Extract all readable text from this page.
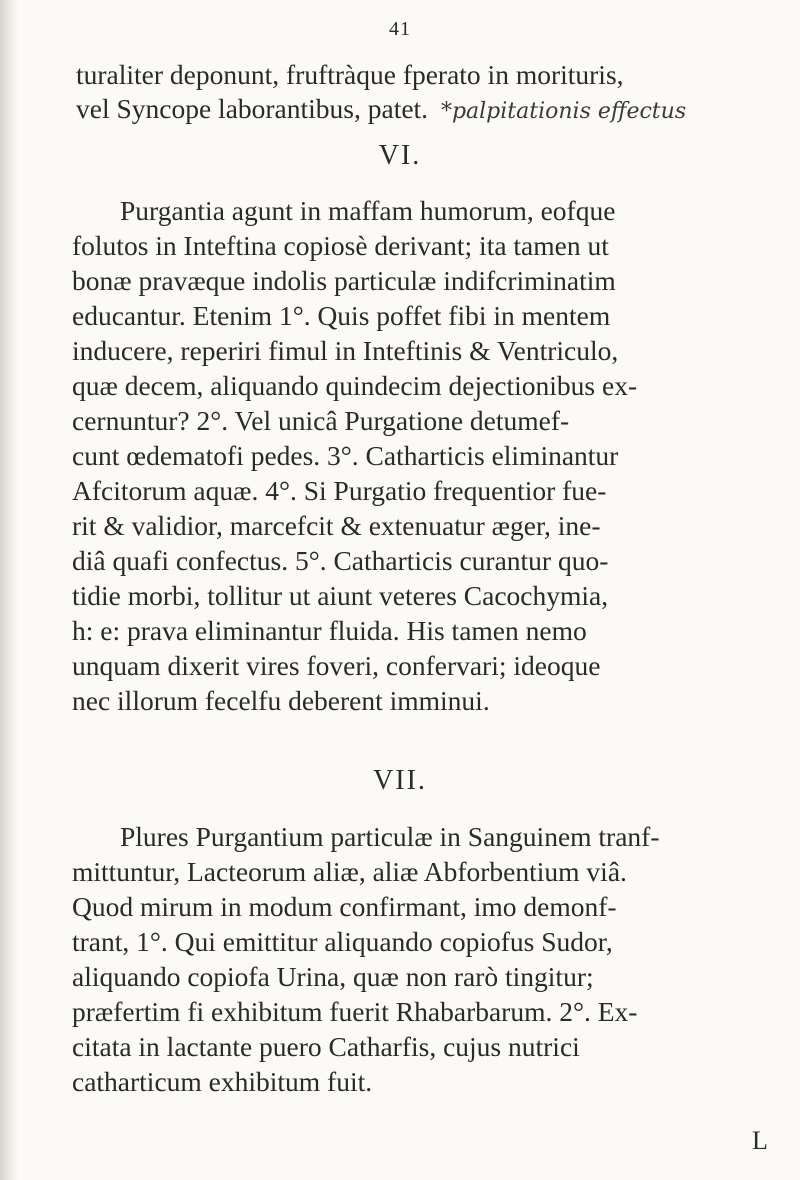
41
turaliter deponunt, fruftràque fperato in morituris,
vel Syncope laborantibus, patet. *palpitationis effectus
VI.
Purgantia agunt in maffam humorum, eofque
folutos in Inteftina copiosè derivant; ita tamen ut
bonæ pravæque indolis particulæ indifcriminatim
educantur. Etenim 1°. Quis poffet fibi in mentem
inducere, reperiri fimul in Inteftinis & Ventriculo,
quæ decem, aliquando quindecim dejectionibus ex-
cernuntur? 2°. Vel unicâ Purgatione detumef-
cunt œdematofi pedes. 3°. Catharticis eliminantur
Afcitorum aquæ. 4°. Si Purgatio frequentior fue-
rit & validior, marcefcit & extenuatur æger, ine-
diâ quafi confectus. 5°. Catharticis curantur quo-
tidie morbi, tollitur ut aiunt veteres Cacochymia,
h: e: prava eliminantur fluida. His tamen nemo
unquam dixerit vires foveri, confervari; ideoque
nec illorum fecelfu deberent imminui.
VII.
Plures Purgantium particulæ in Sanguinem tranf-
mittuntur, Lacteorum aliæ, aliæ Abforbentium viâ.
Quod mirum in modum confirmant, imo demonf-
trant, 1°. Qui emittitur aliquando copiofus Sudor,
aliquando copiofa Urina, quæ non rarò tingitur;
præfertim fi exhibitum fuerit Rhabarbarum. 2°. Ex-
citata in lactante puero Catharfis, cujus nutrici
catharticum exhibitum fuit.
L
